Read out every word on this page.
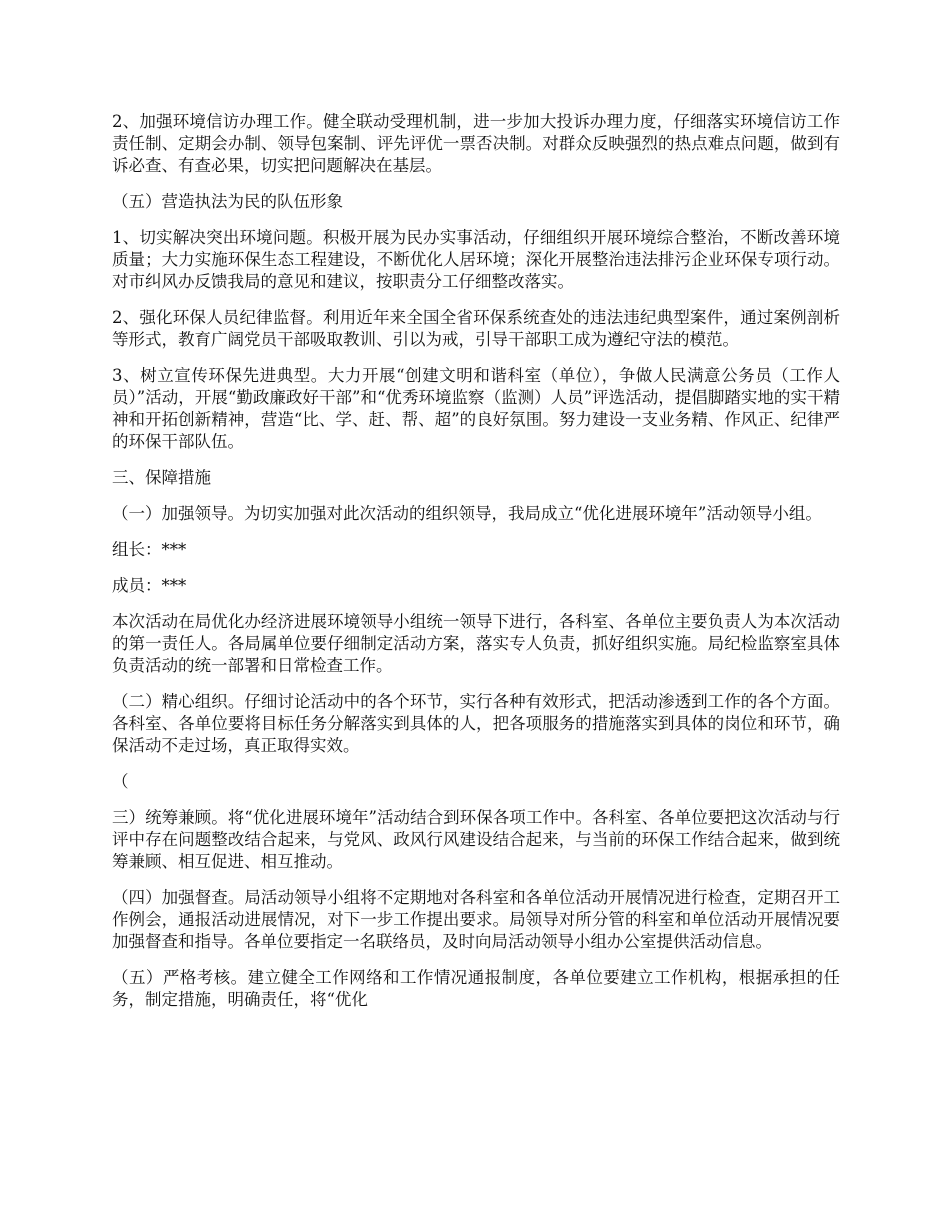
2、加强环境信访办理工作。健全联动受理机制，进一步加大投诉办理力度，仔细落实环境信访工作责任制、定期会办制、领导包案制、评先评优一票否决制。对群众反映强烈的热点难点问题，做到有诉必查、有查必果，切实把问题解决在基层。

（五）营造执法为民的队伍形象

1、切实解决突出环境问题。积极开展为民办实事活动，仔细组织开展环境综合整治，不断改善环境质量；大力实施环保生态工程建设，不断优化人居环境；深化开展整治违法排污企业环保专项行动。对市纠风办反馈我局的意见和建议，按职责分工仔细整改落实。

2、强化环保人员纪律监督。利用近年来全国全省环保系统查处的违法违纪典型案件，通过案例剖析等形式，教育广阔党员干部吸取教训、引以为戒，引导干部职工成为遵纪守法的模范。

3、树立宣传环保先进典型。大力开展“创建文明和谐科室（单位），争做人民满意公务员（工作人员）”活动，开展“勤政廉政好干部”和“优秀环境监察（监测）人员”评选活动，提倡脚踏实地的实干精神和开拓创新精神，营造“比、学、赶、帮、超”的良好氛围。努力建设一支业务精、作风正、纪律严的环保干部队伍。

三、保障措施

（一）加强领导。为切实加强对此次活动的组织领导，我局成立“优化进展环境年”活动领导小组。

组长：***

成员：***

本次活动在局优化办经济进展环境领导小组统一领导下进行，各科室、各单位主要负责人为本次活动的第一责任人。各局属单位要仔细制定活动方案，落实专人负责，抓好组织实施。局纪检监察室具体负责活动的统一部署和日常检查工作。

（二）精心组织。仔细讨论活动中的各个环节，实行各种有效形式，把活动渗透到工作的各个方面。各科室、各单位要将目标任务分解落实到具体的人，把各项服务的措施落实到具体的岗位和环节，确保活动不走过场，真正取得实效。

（

三）统筹兼顾。将“优化进展环境年”活动结合到环保各项工作中。各科室、各单位要把这次活动与行评中存在问题整改结合起来，与党风、政风行风建设结合起来，与当前的环保工作结合起来，做到统筹兼顾、相互促进、相互推动。

（四）加强督查。局活动领导小组将不定期地对各科室和各单位活动开展情况进行检查，定期召开工作例会，通报活动进展情况，对下一步工作提出要求。局领导对所分管的科室和单位活动开展情况要加强督查和指导。各单位要指定一名联络员，及时向局活动领导小组办公室提供活动信息。

（五）严格考核。建立健全工作网络和工作情况通报制度，各单位要建立工作机构，根据承担的任务，制定措施，明确责任，将“优化
